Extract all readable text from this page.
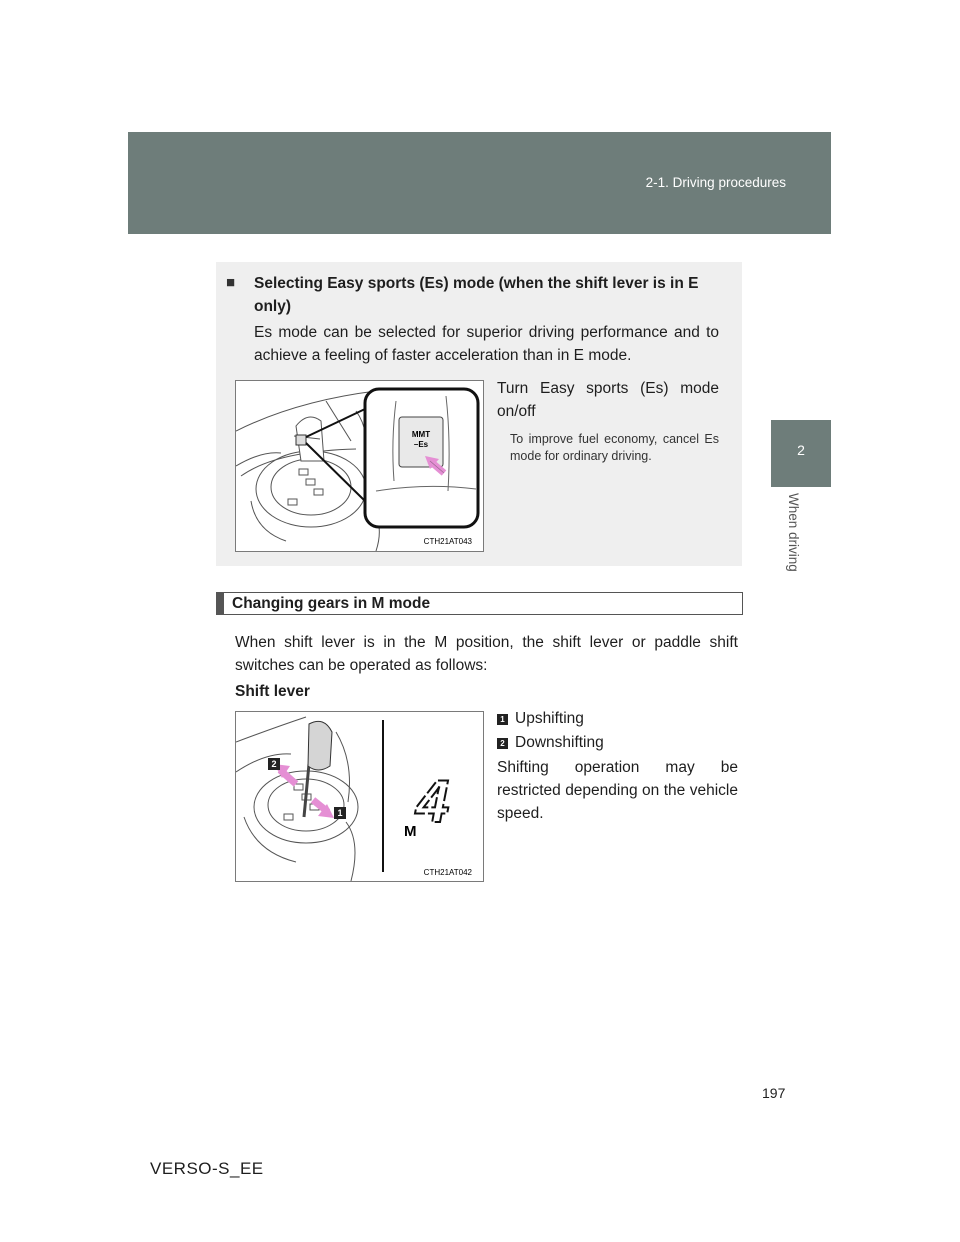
2-1. Driving procedures
2
When driving
■ Selecting Easy sports (Es) mode (when the shift lever is in E only)
Es mode can be selected for superior driving performance and to achieve a feeling of faster acceleration than in E mode.
MMT
–Es
CTH21AT043
Turn Easy sports (Es) mode on/off
To improve fuel economy, cancel Es mode for ordinary driving.
Changing gears in M mode
When shift lever is in the M position, the shift lever or paddle shift switches can be operated as follows:
Shift lever
2
1
M 4
CTH21AT042
1 Upshifting
2 Downshifting
Shifting operation may be restricted depending on the vehicle speed.
197
VERSO-S_EE
